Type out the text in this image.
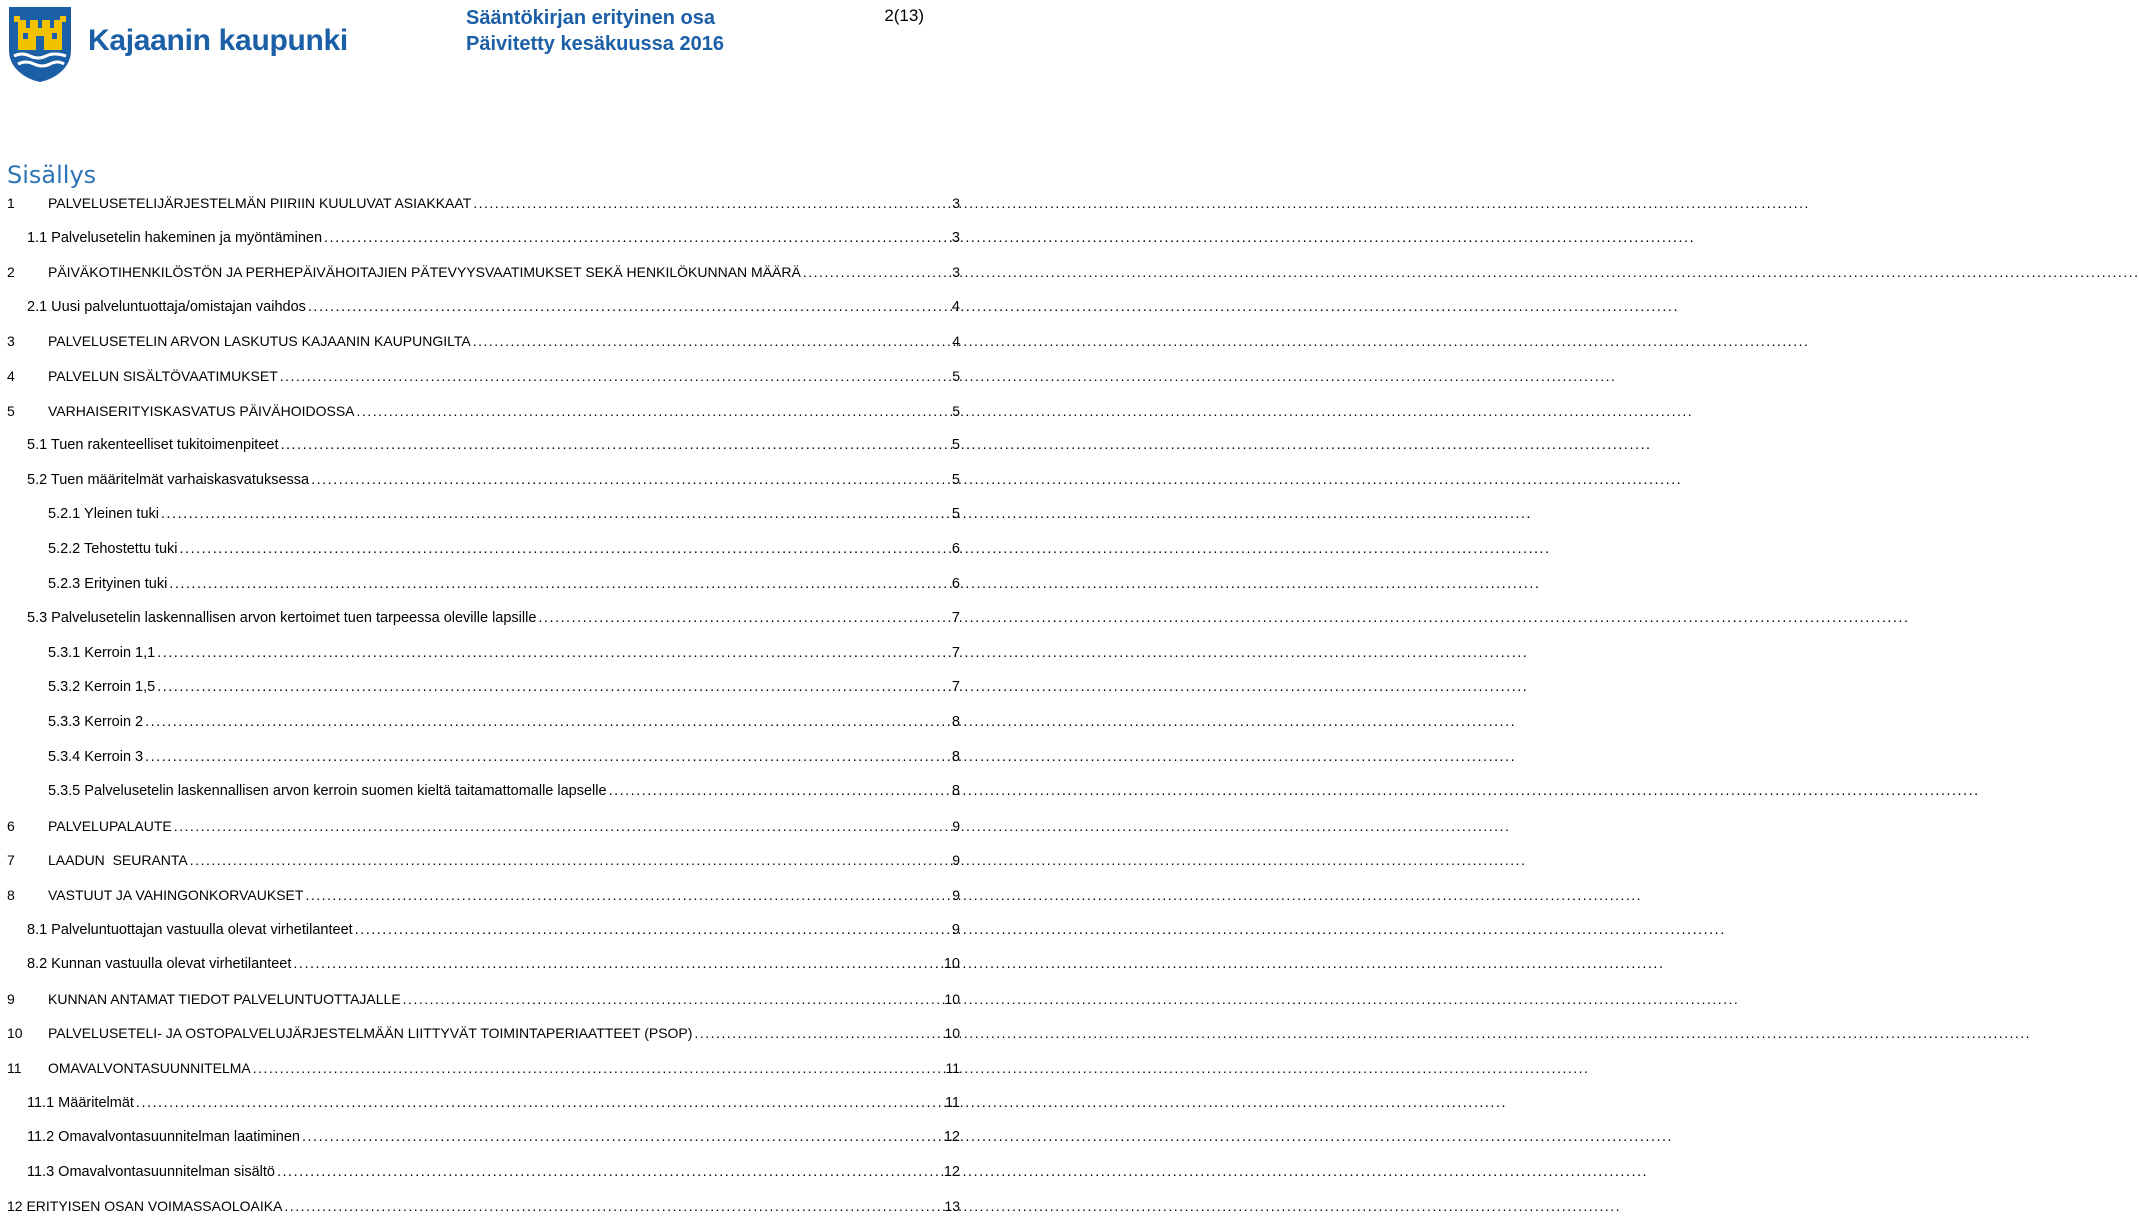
Kajaanin kaupunki
Sääntökirjan erityinen osa
Päivitetty kesäkuussa 2016
2(13)
Sisällys
1	PALVELUSETELIJÄRJESTELMÄN PIIRIIN KUULUVAT ASIAKKAAT .....	3
1.1 Palvelusetelin hakeminen ja myöntäminen .....	3
2	PÄIVÄKOTIHENKILÖSTÖN JA PERHEPÄIVÄHOITAJIEN PÄTEVYYSVAATIMUKSET SEKÄ HENKILÖKUNNAN MÄÄRÄ .....	3
2.1 Uusi palveluntuottaja/omistajan vaihdos .....	4
3	PALVELUSETELIN ARVON LASKUTUS KAJAANIN KAUPUNGILTA .....	4
4	PALVELUN SISÄLTÖVAATIMUKSET .....	5
5	VARHAISERITYISKASVATUS PÄIVÄHOIDOSSA .....	5
5.1 Tuen rakenteelliset tukitoimenpiteet .....	5
5.2 Tuen määritelmät varhaiskasvatuksessa .....	5
5.2.1 Yleinen tuki .....	5
5.2.2 Tehostettu tuki .....	6
5.2.3 Erityinen tuki .....	6
5.3 Palvelusetelin laskennallisen arvon kertoimet tuen tarpeessa oleville lapsille .....	7
5.3.1 Kerroin 1,1 .....	7
5.3.2 Kerroin 1,5 .....	7
5.3.3 Kerroin 2 .....	8
5.3.4 Kerroin 3 .....	8
5.3.5 Palvelusetelin laskennallisen arvon kerroin suomen kieltä taitamattomalle lapselle .....	8
6	PALVELUPALAUTE .....	9
7	LAADUN  SEURANTA .....	9
8	VASTUUT JA VAHINGONKORVAUKSET .....	9
8.1 Palveluntuottajan vastuulla olevat virhetilanteet .....	9
8.2 Kunnan vastuulla olevat virhetilanteet .....	10
9	KUNNAN ANTAMAT TIEDOT PALVELUNTUOTTAJALLE .....	10
10	PALVELUSETELI- JA OSTOPALVELUJÄRJESTELMÄÄN LIITTYVÄT TOIMINTAPERIAATTEET (PSOP) .....	10
11	OMAVALVONTASUUNNITELMA .....	11
11.1 Määritelmät .....	11
11.2 Omavalvontasuunnitelman laatiminen .....	12
11.3 Omavalvontasuunnitelman sisältö .....	12
12 ERITYISEN OSAN VOIMASSAOLOAIKA .....	13
